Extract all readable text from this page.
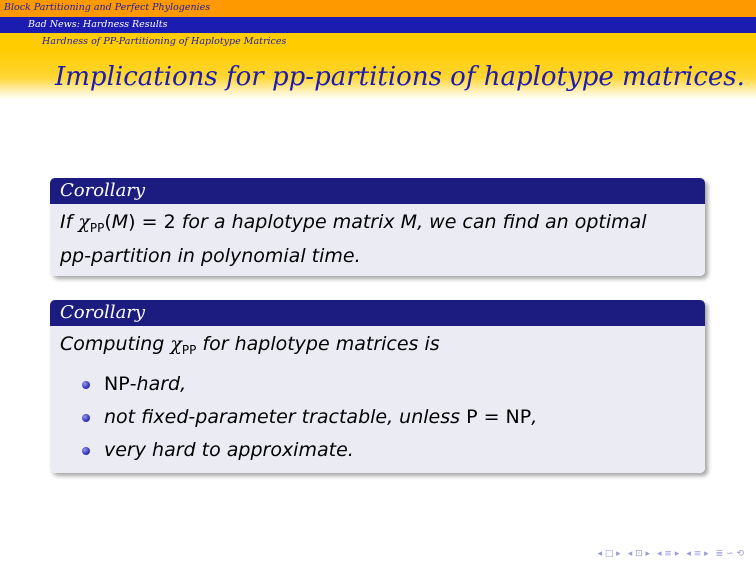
Block Partitioning and Perfect Phylogenies
Bad News: Hardness Results
Hardness of PP-Partitioning of Haplotype Matrices
Implications for pp-partitions of haplotype matrices.
Corollary
If $\chi_{PP}(M) = 2$ for a haplotype matrix M, we can find an optimal
pp-partition in polynomial time.
Corollary
Computing $\chi_{PP}$ for haplotype matrices is
NP-hard,
not fixed-parameter tractable, unless P = NP,
very hard to approximate.
◂ □ ▸ ◂ ⊡ ▸ ◂ ≡ ▸ ◂ ≡ ▸ ≣ ∽ ⟲
